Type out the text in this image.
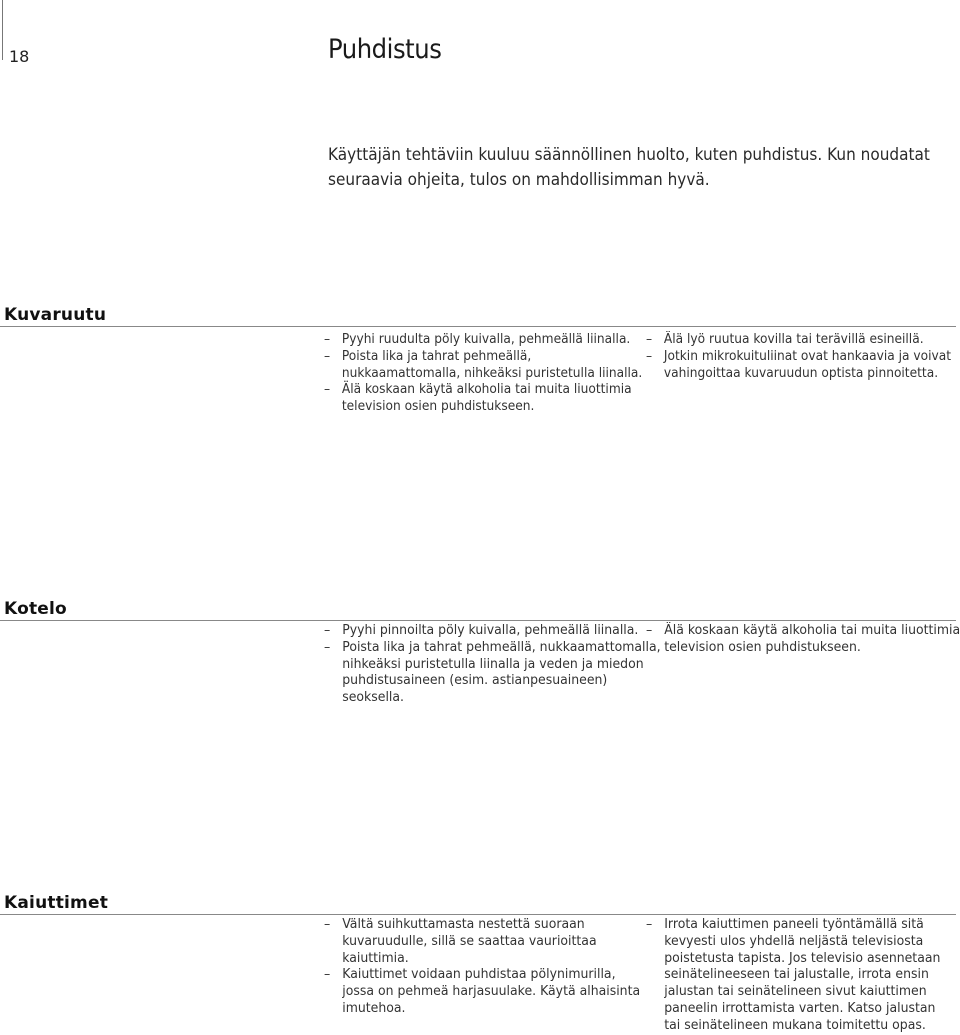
18	Puhdistus

Käyttäjän tehtäviin kuuluu säännöllinen huolto, kuten puhdistus. Kun noudatat

seuraavia ohjeita, tulos on mahdollisimman hyvä.

Kuvaruutu
– Pyyhi ruudulta pöly kuivalla, pehmeällä liinalla.
– Poista lika ja tahrat pehmeällä,
nukkaamattomalla, nihkeäksi puristetulla liinalla.
– Älä koskaan käytä alkoholia tai muita liuottimia
television osien puhdistukseen.
– Älä lyö ruutua kovilla tai terävillä esineillä.
– Jotkin mikrokuituliinat ovat hankaavia ja voivat
vahingoittaa kuvaruudun optista pinnoitetta.
Kotelo
– Pyyhi pinnoilta pöly kuivalla, pehmeällä liinalla.
– Poista lika ja tahrat pehmeällä, nukkaamattomalla,
nihkeäksi puristetulla liinalla ja veden ja miedon
puhdistusaineen (esim. astianpesuaineen)
seoksella.
– Älä koskaan käytä alkoholia tai muita liuottimia
television osien puhdistukseen.
Kaiuttimet
– Vältä suihkuttamasta nestettä suoraan
kuvaruudulle, sillä se saattaa vaurioittaa
kaiuttimia.
– Kaiuttimet voidaan puhdistaa pölynimurilla,
jossa on pehmeä harjasuulake. Käytä alhaisinta
imutehoa.
– Irrota kaiuttimen paneeli työntämällä sitä
kevyesti ulos yhdellä neljästä televisiosta
poistetusta tapista. Jos televisio asennetaan
seinätelineeseen tai jalustalle, irrota ensin
jalustan tai seinätelineen sivut kaiuttimen
paneelin irrottamista varten. Katso jalustan
tai seinätelineen mukana toimitettu opas.
